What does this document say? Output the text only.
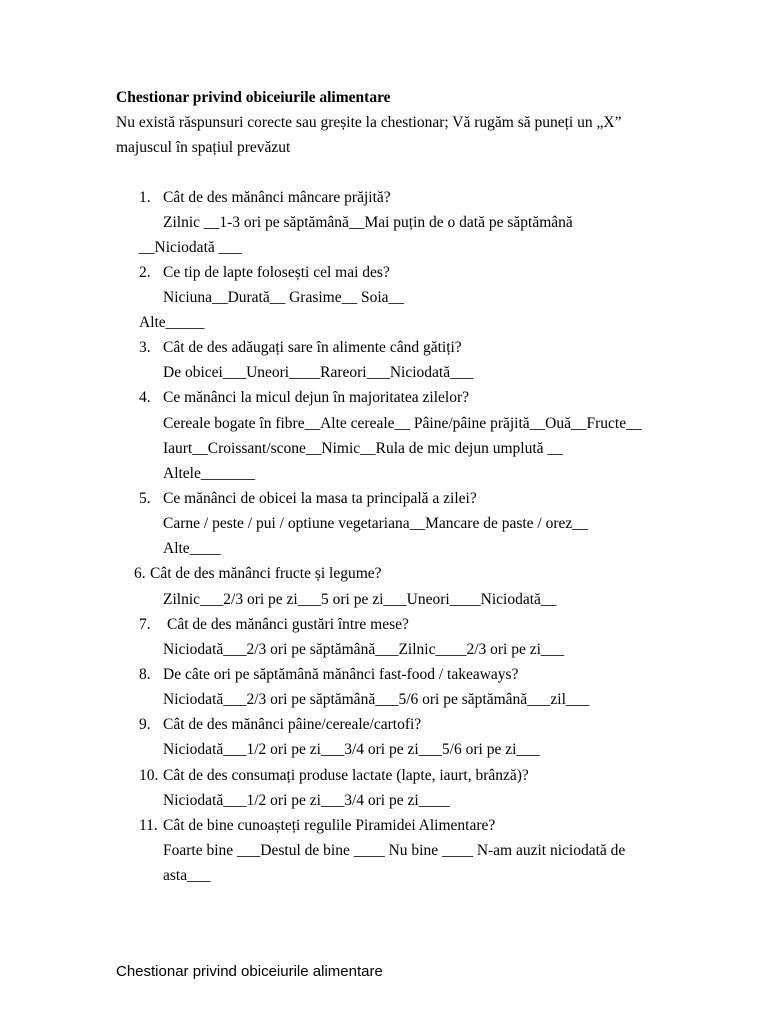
Chestionar privind obiceiurile alimentare
Nu există răspunsuri corecte sau greșite la chestionar; Vă rugăm să puneți un „X”
majuscul în spațiul prevăzut
1. Cât de des mănânci mâncare prăjită?
Zilnic __1-3 ori pe săptămână__Mai puțin de o dată pe săptămână
__Niciodată ___
2. Ce tip de lapte folosești cel mai des?
Niciuna__Durată__ Grasime__ Soia__
Alte_____
3. Cât de des adăugați sare în alimente când gătiți?
De obicei___Uneori____Rareori___Niciodată___
4. Ce mănânci la micul dejun în majoritatea zilelor?
Cereale bogate în fibre__Alte cereale__ Pâine/pâine prăjită__Ouă__Fructe__
Iaurt__Croissant/scone__Nimic__Rula de mic dejun umplută __
Altele_______
5. Ce mănânci de obicei la masa ta principală a zilei?
Carne / peste / pui / optiune vegetariana__Mancare de paste / orez__
Alte____
6. Cât de des mănânci fructe și legume?
Zilnic___2/3 ori pe zi___5 ori pe zi___Uneori____Niciodată__
7. Cât de des mănânci gustări între mese?
Niciodată___2/3 ori pe săptămână___Zilnic____2/3 ori pe zi___
8. De câte ori pe săptămână mănânci fast-food / takeaways?
Niciodată___2/3 ori pe săptămână___5/6 ori pe săptămână___zil___
9. Cât de des mănânci pâine/cereale/cartofi?
Niciodată___1/2 ori pe zi___3/4 ori pe zi___5/6 ori pe zi___
10. Cât de des consumați produse lactate (lapte, iaurt, brânză)?
Niciodată___1/2 ori pe zi___3/4 ori pe zi____
11. Cât de bine cunoașteți regulile Piramidei Alimentare?
Foarte bine ___Destul de bine ____ Nu bine ____ N-am auzit niciodată de
asta___
Chestionar privind obiceiurile alimentare
